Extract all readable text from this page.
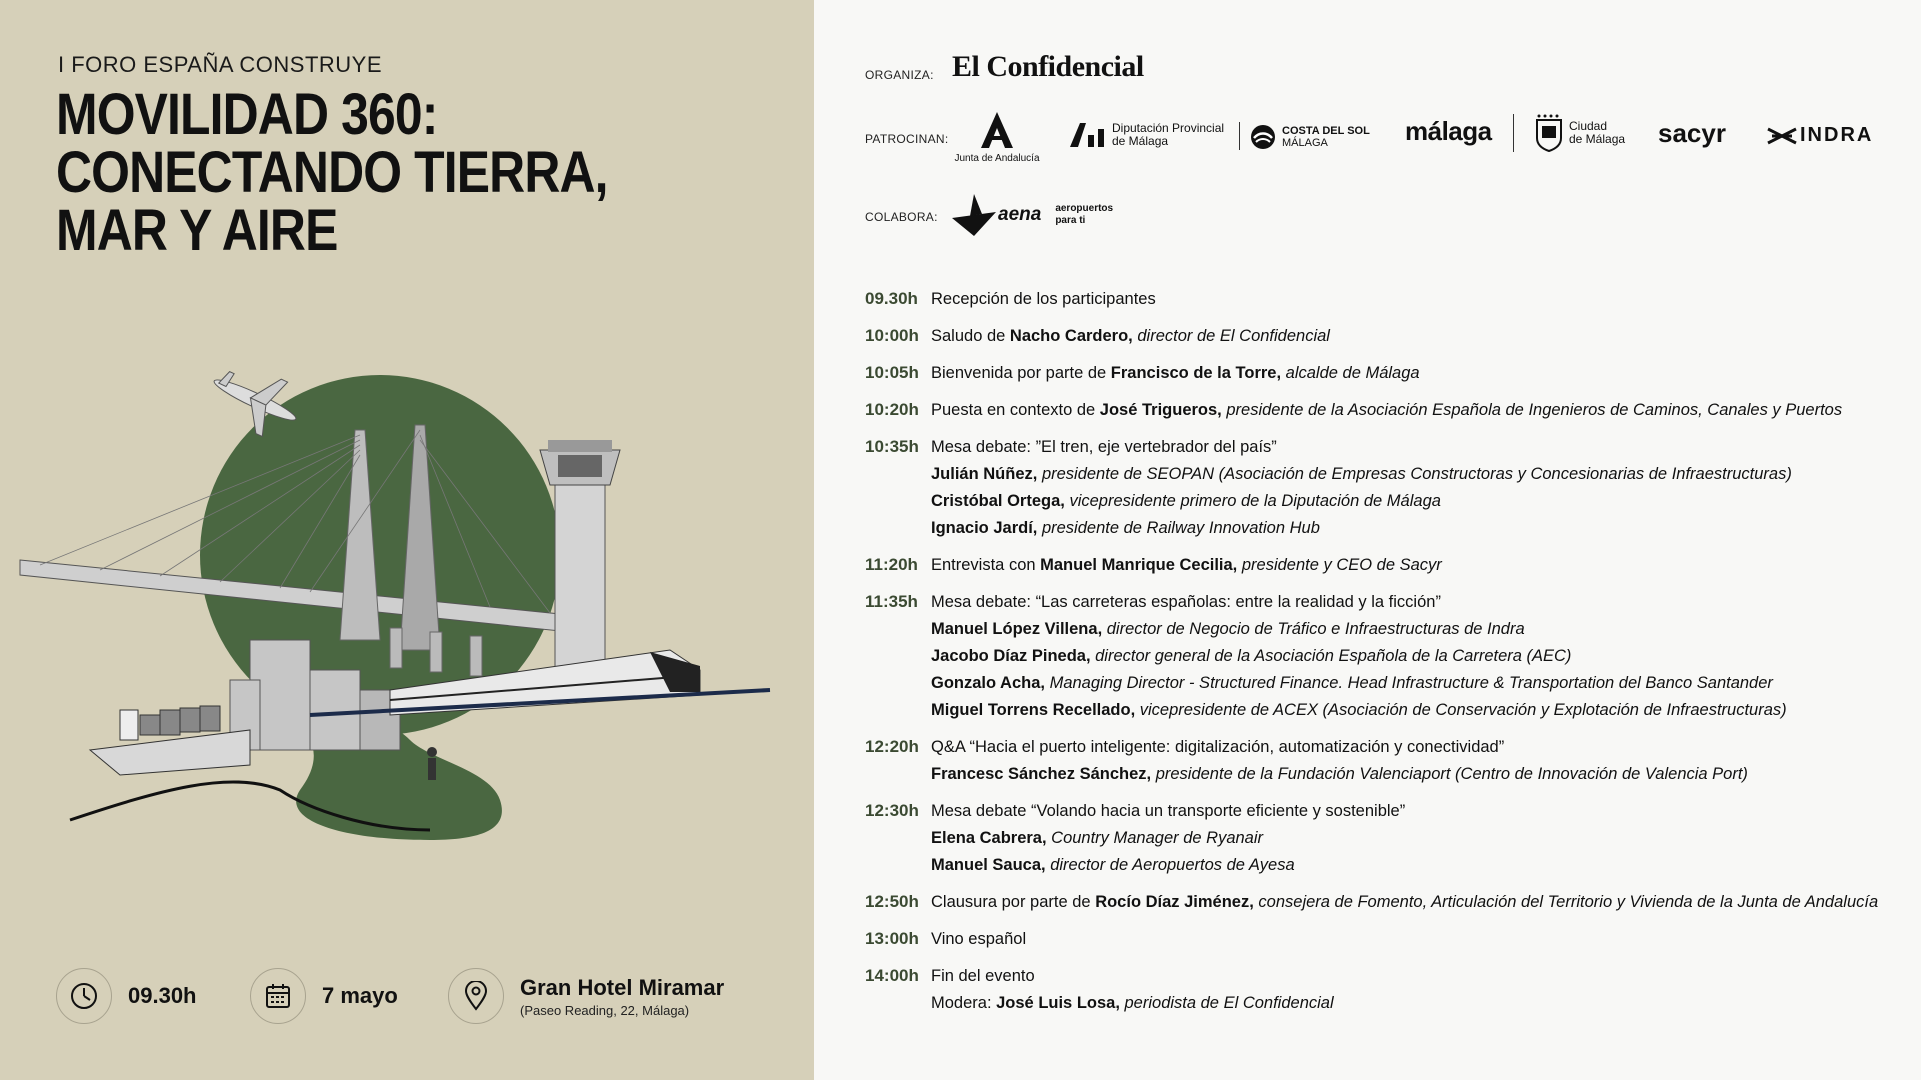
I FORO ESPAÑA CONSTRUYE
MOVILIDAD 360:
CONECTANDO TIERRA,
MAR Y AIRE
09.30h	7 mayo	Gran Hotel Miramar
(Paseo Reading, 22, Málaga)
ORGANIZA: El Confidencial
PATROCINAN:
Junta de Andalucía
Diputación Provincial
de Málaga
COSTA DEL SOL
MÁLAGA	málaga	Ciudad
de Málaga sacyr	INDRA
COLABORA:	aena aeropuertos
para ti
09.30h Recepción de los participantes
10:00h Saludo de Nacho Cardero, director de El Confidencial
10:05h Bienvenida por parte de Francisco de la Torre, alcalde de Málaga
10:20h Puesta en contexto de José Trigueros, presidente de la Asociación Española de Ingenieros de Caminos, Canales y Puertos
10:35h Mesa debate: ”El tren, eje vertebrador del país”
Julián Núñez, presidente de SEOPAN (Asociación de Empresas Constructoras y Concesionarias de Infraestructuras)
Cristóbal Ortega, vicepresidente primero de la Diputación de Málaga
Ignacio Jardí, presidente de Railway Innovation Hub
11:20h Entrevista con Manuel Manrique Cecilia, presidente y CEO de Sacyr
11:35h Mesa debate: “Las carreteras españolas: entre la realidad y la ficción”
Manuel López Villena, director de Negocio de Tráfico e Infraestructuras de Indra
Jacobo Díaz Pineda, director general de la Asociación Española de la Carretera (AEC)
Gonzalo Acha, Managing Director - Structured Finance. Head Infrastructure & Transportation del Banco Santander
Miguel Torrens Recellado, vicepresidente de ACEX (Asociación de Conservación y Explotación de Infraestructuras)
12:20h Q&A “Hacia el puerto inteligente: digitalización, automatización y conectividad”
Francesc Sánchez Sánchez, presidente de la Fundación Valenciaport (Centro de Innovación de Valencia Port)
12:30h Mesa debate “Volando hacia un transporte eficiente y sostenible”
Elena Cabrera, Country Manager de Ryanair
Manuel Sauca, director de Aeropuertos de Ayesa
12:50h Clausura por parte de Rocío Díaz Jiménez, consejera de Fomento, Articulación del Territorio y Vivienda de la Junta de Andalucía
13:00h Vino español
14:00h Fin del evento
Modera: José Luis Losa, periodista de El Confidencial
